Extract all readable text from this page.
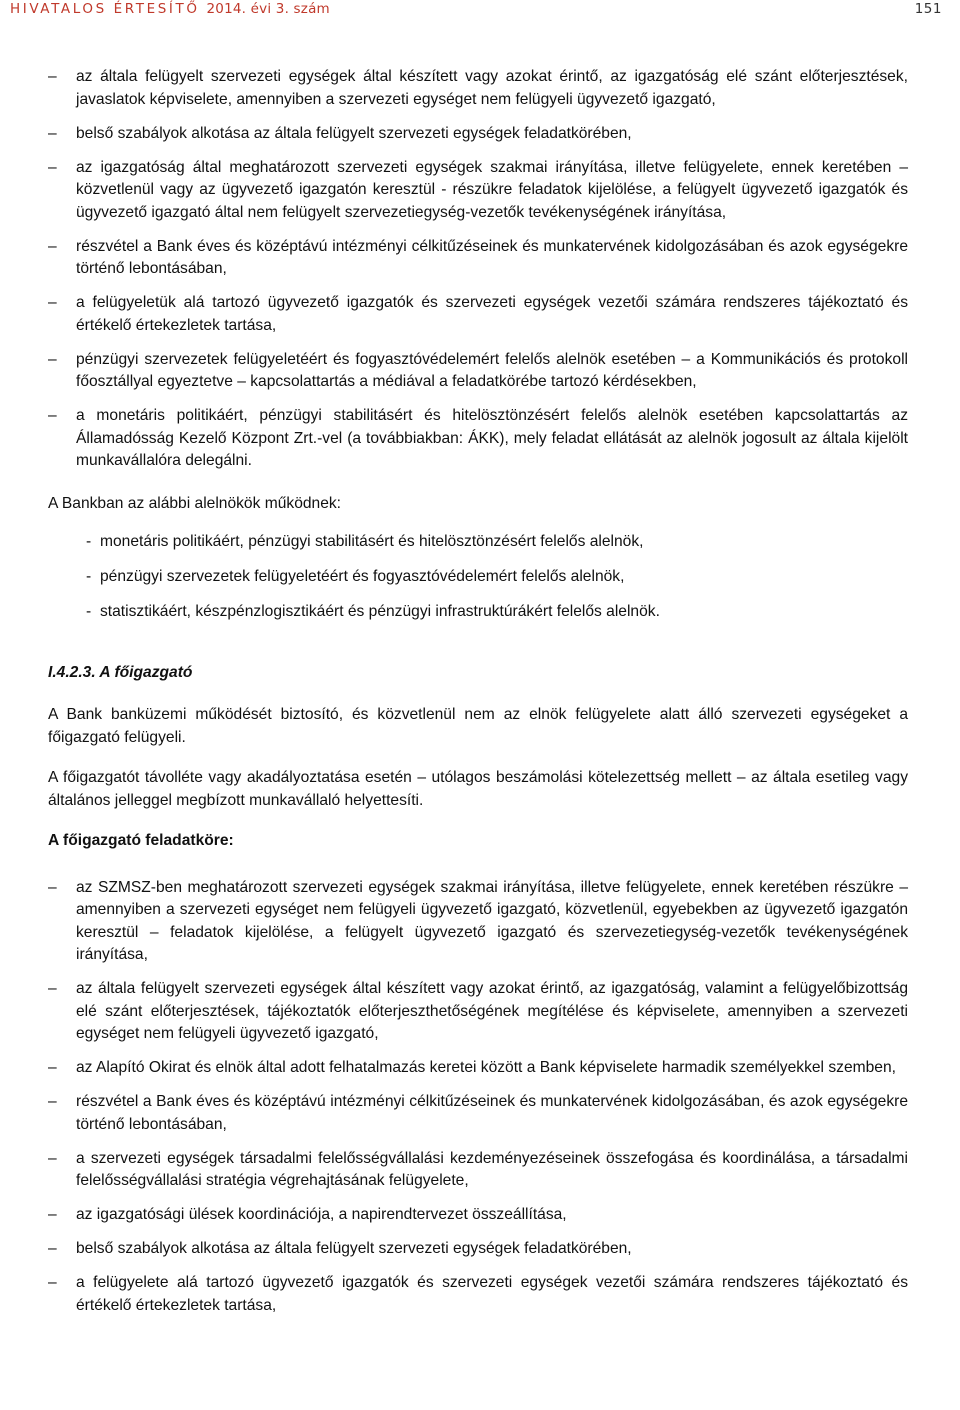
HIVATALOS ÉRTESÍTŐ 2014. évi 3. szám	151
– az általa felügyelt szervezeti egységek által készített vagy azokat érintő, az igazgatóság elé szánt előterjesztések, javaslatok képviselete, amennyiben a szervezeti egységet nem felügyeli ügyvezető igazgató,
– belső szabályok alkotása az általa felügyelt szervezeti egységek feladatkörében,
– az igazgatóság által meghatározott szervezeti egységek szakmai irányítása, illetve felügyelete, ennek keretében – közvetlenül vagy az ügyvezető igazgatón keresztül - részükre feladatok kijelölése, a felügyelt ügyvezető igazgatók és ügyvezető igazgató által nem felügyelt szervezetiegység-vezetők tevékenységének irányítása,
– részvétel a Bank éves és középtávú intézményi célkitűzéseinek és munkatervének kidolgozásában és azok egységekre történő lebontásában,
– a felügyeletük alá tartozó ügyvezető igazgatók és szervezeti egységek vezetői számára rendszeres tájékoztató és értékelő értekezletek tartása,
– pénzügyi szervezetek felügyeletéért és fogyasztóvédelemért felelős alelnök esetében – a Kommunikációs és protokoll főosztállyal egyeztetve – kapcsolattartás a médiával a feladatkörébe tartozó kérdésekben,
– a monetáris politikáért, pénzügyi stabilitásért és hitelösztönzésért felelős alelnök esetében kapcsolattartás az Államadósság Kezelő Központ Zrt.-vel (a továbbiakban: ÁKK), mely feladat ellátását az alelnök jogosult az általa kijelölt munkavállalóra delegálni.

A Bankban az alábbi alelnökök működnek:

- monetáris politikáért, pénzügyi stabilitásért és hitelösztönzésért felelős alelnök,
- pénzügyi szervezetek felügyeletéért és fogyasztóvédelemért felelős alelnök,
- statisztikáért, készpénzlogisztikáért és pénzügyi infrastruktúrákért felelős alelnök.

I.4.2.3. A főigazgató

A Bank banküzemi működését biztosító, és közvetlenül nem az elnök felügyelete alatt álló szervezeti egységeket a főigazgató felügyeli.

A főigazgatót távolléte vagy akadályoztatása esetén – utólagos beszámolási kötelezettség mellett – az általa esetileg vagy általános jelleggel megbízott munkavállaló helyettesíti.

A főigazgató feladatköre:

– az SZMSZ-ben meghatározott szervezeti egységek szakmai irányítása, illetve felügyelete, ennek keretében részükre – amennyiben a szervezeti egységet nem felügyeli ügyvezető igazgató, közvetlenül, egyebekben az ügyvezető igazgatón keresztül – feladatok kijelölése, a felügyelt ügyvezető igazgató és szervezetiegység-vezetők tevékenységének irányítása,
– az általa felügyelt szervezeti egységek által készített vagy azokat érintő, az igazgatóság, valamint a felügyelőbizottság elé szánt előterjesztések, tájékoztatók előterjeszthetőségének megítélése és képviselete, amennyiben a szervezeti egységet nem felügyeli ügyvezető igazgató,
– az Alapító Okirat és elnök által adott felhatalmazás keretei között a Bank képviselete harmadik személyekkel szemben,
– részvétel a Bank éves és középtávú intézményi célkitűzéseinek és munkatervének kidolgozásában, és azok egységekre történő lebontásában,
– a szervezeti egységek társadalmi felelősségvállalási kezdeményezéseinek összefogása és koordinálása, a társadalmi felelősségvállalási stratégia végrehajtásának felügyelete,
– az igazgatósági ülések koordinációja, a napirendtervezet összeállítása,
– belső szabályok alkotása az általa felügyelt szervezeti egységek feladatkörében,
– a felügyelete alá tartozó ügyvezető igazgatók és szervezeti egységek vezetői számára rendszeres tájékoztató és értékelő értekezletek tartása,
